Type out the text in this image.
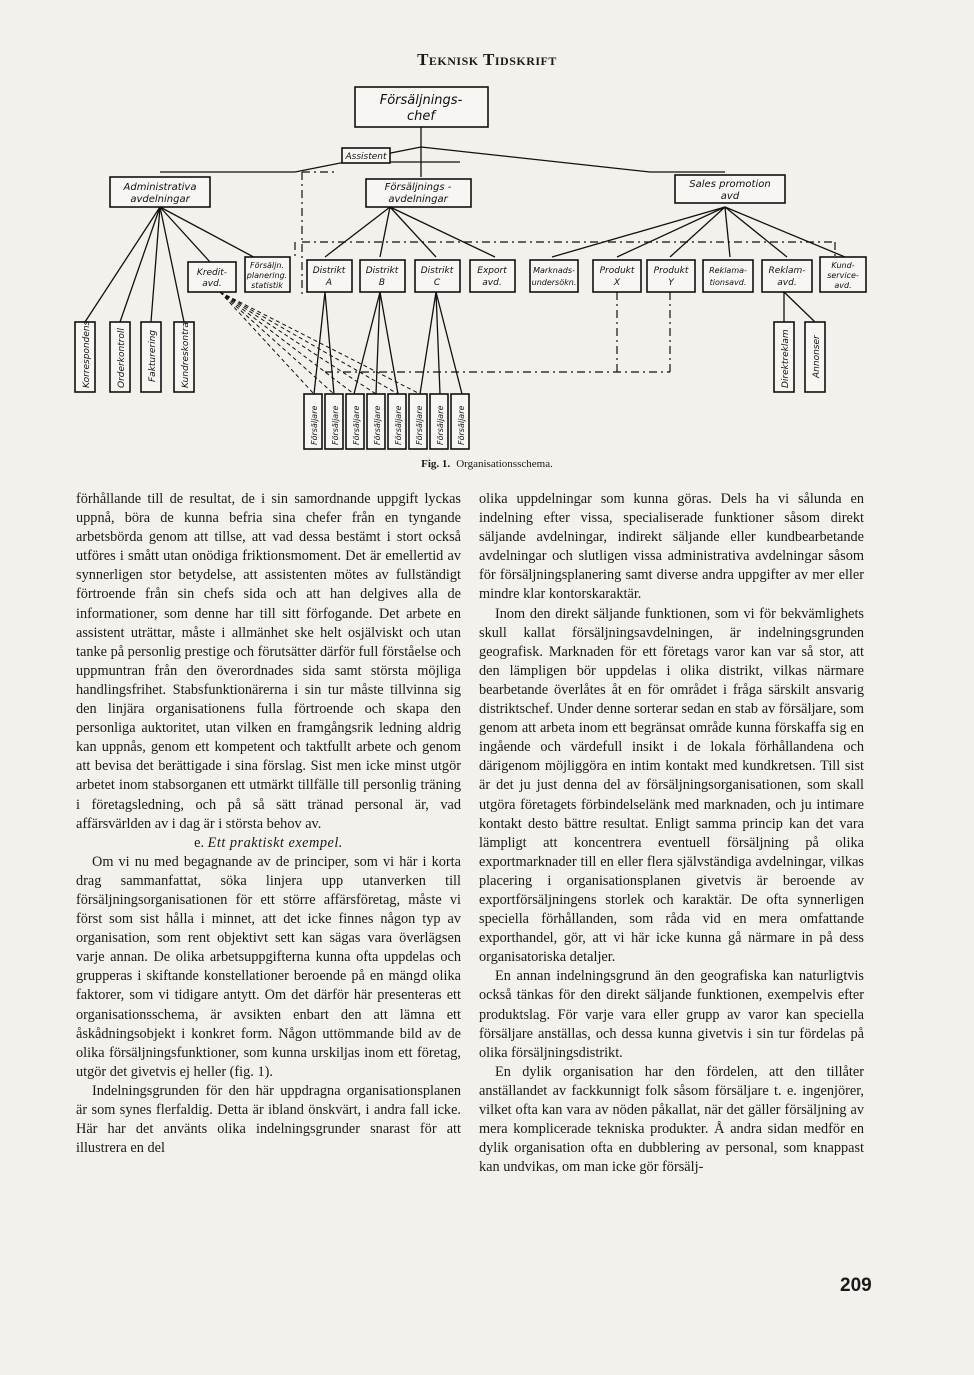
Teknisk Tidskrift
Försäljnings-
chef
Assistent
Administrativa
avdelningar
Försäljnings -
avdelningar
Sales promotion
avd
Kredit-
avd.
Försäljn.
planering.
statistik
Distrikt
A
Distrikt
B
Distrikt
C
Export
avd.
Marknads-
undersökn.
Produkt
X
Produkt
Y
Reklama-
tionsavd.
Reklam-
avd.
Kund-
service-
avd.
Korrespondens	Orderkontroll Fakturering	Kundreskontra	Direktreklam Annonser
Försäljare Försäljare Försäljare Försäljare Försäljare Försäljare Försäljare Försäljare
Fig. 1. Organisationsschema.

förhållande till de resultat, de i sin samordnande uppgift lyckas uppnå, böra de kunna befria sina chefer från en tyngande arbetsbörda genom att tillse, att vad dessa bestämt i stort också utföres i smått utan onödiga friktionsmoment. Det är emellertid av synnerligen stor betydelse, att assistenten mötes av fullständigt förtroende från sin chefs sida och att han delgives alla de informationer, som denne har till sitt förfogande. Det arbete en assistent uträttar, måste i allmänhet ske helt osjälviskt och utan tanke på personlig prestige och förutsätter därför full förståelse och uppmuntran från den överordnades sida samt största möjliga handlingsfrihet. Stabsfunktionärerna i sin tur måste tillvinna sig den linjära organisationens fulla förtroende och skapa den personliga auktoritet, utan vilken en framgångsrik ledning aldrig kan uppnås, genom ett kompetent och taktfullt arbete och genom att bevisa det berättigade i sina förslag. Sist men icke minst utgör arbetet inom stabsorganen ett utmärkt tillfälle till personlig träning i företagsledning, och på så sätt tränad personal är, vad affärsvärlden av i dag är i största behov av.

e. Ett praktiskt exempel.

Om vi nu med begagnande av de principer, som vi här i korta drag sammanfattat, söka linjera upp utanverken till försäljningsorganisationen för ett större affärsföretag, måste vi först som sist hålla i minnet, att det icke finnes någon typ av organisation, som rent objektivt sett kan sägas vara överlägsen varje annan. De olika arbetsuppgifterna kunna ofta uppdelas och grupperas i skiftande konstellationer beroende på en mängd olika faktorer, som vi tidigare antytt. Om det därför här presenteras ett organisationsschema, är avsikten enbart den att lämna ett åskådningsobjekt i konkret form. Någon uttömmande bild av de olika försäljningsfunktioner, som kunna urskiljas inom ett företag, utgör det givetvis ej heller (fig. 1).

Indelningsgrunden för den här uppdragna organisationsplanen är som synes flerfaldig. Detta är ibland önskvärt, i andra fall icke. Här har det använts olika indelningsgrunder snarast för att illustrera en del

olika uppdelningar som kunna göras. Dels ha vi sålunda en indelning efter vissa, specialiserade funktioner såsom direkt säljande avdelningar, indirekt säljande eller kundbearbetande avdelningar och slutligen vissa administrativa avdelningar såsom för försäljningsplanering samt diverse andra uppgifter av mer eller mindre klar kontorskaraktär.

Inom den direkt säljande funktionen, som vi för bekvämlighets skull kallat försäljningsavdelningen, är indelningsgrunden geografisk. Marknaden för ett företags varor kan var så stor, att den lämpligen bör uppdelas i olika distrikt, vilkas närmare bearbetande överlåtes åt en för området i fråga särskilt ansvarig distriktschef. Under denne sorterar sedan en stab av försäljare, som genom att arbeta inom ett begränsat område kunna förskaffa sig en ingående och värdefull insikt i de lokala förhållandena och därigenom möjliggöra en intim kontakt med kundkretsen. Till sist är det ju just denna del av försäljningsorganisationen, som skall utgöra företagets förbindelselänk med marknaden, och ju intimare kontakt desto bättre resultat. Enligt samma princip kan det vara lämpligt att koncentrera eventuell försäljning på olika exportmarknader till en eller flera självständiga avdelningar, vilkas placering i organisationsplanen givetvis är beroende av exportförsäljningens storlek och karaktär. De ofta synnerligen speciella förhållanden, som råda vid en mera omfattande exporthandel, gör, att vi här icke kunna gå närmare in på dess organisatoriska detaljer.

En annan indelningsgrund än den geografiska kan naturligtvis också tänkas för den direkt säljande funktionen, exempelvis efter produktslag. För varje vara eller grupp av varor kan speciella försäljare anställas, och dessa kunna givetvis i sin tur fördelas på olika försäljningsdistrikt.

En dylik organisation har den fördelen, att den tillåter anställandet av fackkunnigt folk såsom försäljare t. e. ingenjörer, vilket ofta kan vara av nöden påkallat, när det gäller försäljning av mera komplicerade tekniska produkter. Å andra sidan medför en dylik organisation ofta en dubblering av personal, som knappast kan undvikas, om man icke gör försälj-

209
